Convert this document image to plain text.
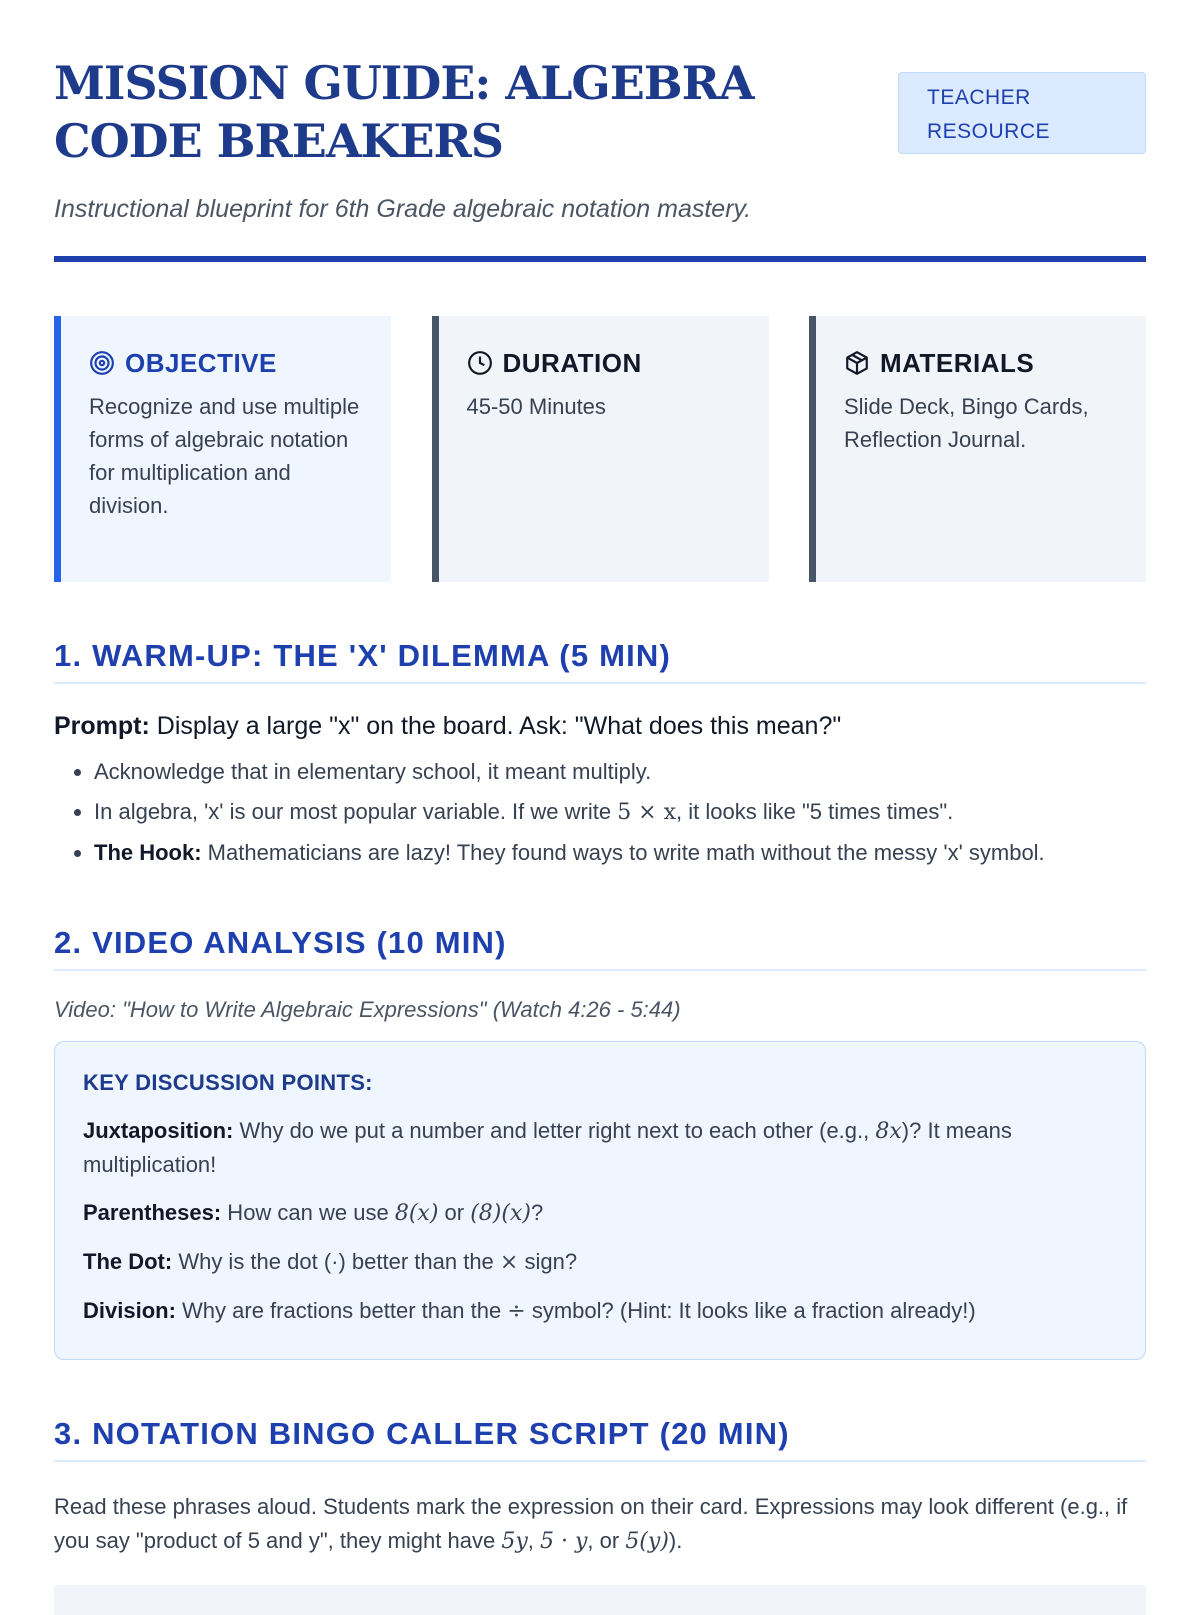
MISSION GUIDE: ALGEBRA CODE BREAKERS
TEACHER RESOURCE

Instructional blueprint for 6th Grade algebraic notation mastery.

OBJECTIVE
Recognize and use multiple forms of algebraic notation for multiplication and division.
DURATION
45-50 Minutes
MATERIALS
Slide Deck, Bingo Cards, Reflection Journal.
1. WARM-UP: THE 'X' DILEMMA (5 MIN)

Prompt: Display a large "x" on the board. Ask: "What does this mean?"

• Acknowledge that in elementary school, it meant multiply.
• In algebra, 'x' is our most popular variable. If we write 5 × x, it looks like "5 times times".
• The Hook: Mathematicians are lazy! They found ways to write math without the messy 'x' symbol.
2. VIDEO ANALYSIS (10 MIN)

Video: "How to Write Algebraic Expressions" (Watch 4:26 - 5:44)

KEY DISCUSSION POINTS:

Juxtaposition: Why do we put a number and letter right next to each other (e.g., 8x)? It means multiplication!

Parentheses: How can we use 8(x) or (8)(x)?

The Dot: Why is the dot (·) better than the × sign?

Division: Why are fractions better than the ÷ symbol? (Hint: It looks like a fraction already!)

3. NOTATION BINGO CALLER SCRIPT (20 MIN)

Read these phrases aloud. Students mark the expression on their card. Expressions may look different (e.g., if you say "product of 5 and y", they might have 5y, 5 · y, or 5(y)).
